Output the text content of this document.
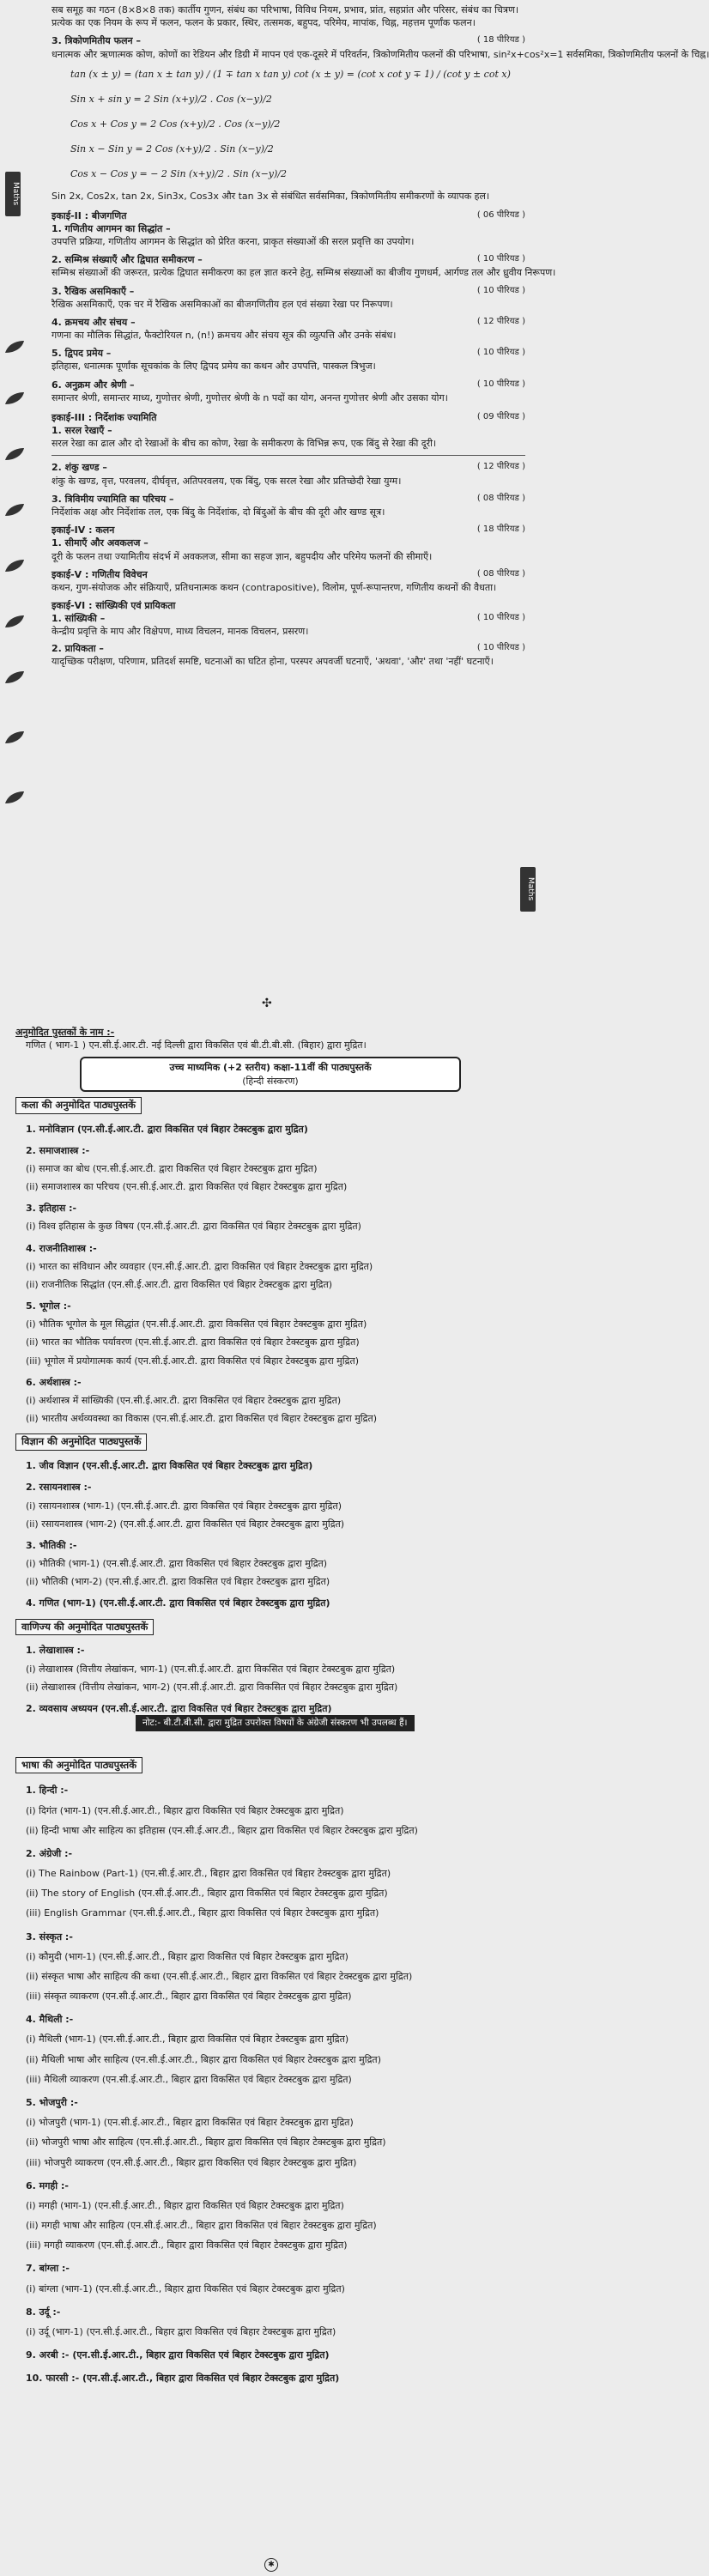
सब समूह का गठन (8×8×8 तक) कार्तीय गुणन, संबंध का परिभाषा, विविध नियम, प्रभाव, प्रांत, सहप्रांत और परिसर, संबंध का चित्रण।
प्रत्येक का एक नियम के रूप में फलन, फलन के प्रकार, स्थिर, तत्समक, बहुपद, परिमेय, मापांक, चिह्न, महत्तम पूर्णांक फलन।
3. त्रिकोणमितीय फलन –	( 18 पीरियड )
धनात्मक और ऋणात्मक कोण, कोणों का रेडियन और डिग्री में मापन एवं एक-दूसरे में परिवर्तन, त्रिकोणमितीय फलनों की परिभाषा, sin²x+cos²x=1 सर्वसमिका, त्रिकोणमितीय फलनों के चिह्न।
tan (x ± y) = (tan x ± tan y) / (1 ∓ tan x tan y) cot (x ± y) = (cot x cot y ∓ 1) / (cot y ± cot x)
Sin x + sin y = 2 Sin (x+y)/2 . Cos (x−y)/2
Cos x + Cos y = 2 Cos (x+y)/2 . Cos (x−y)/2
Sin x − Sin y = 2 Cos (x+y)/2 . Sin (x−y)/2
Cos x − Cos y = − 2 Sin (x+y)/2 . Sin (x−y)/2
Sin 2x, Cos2x, tan 2x, Sin3x, Cos3x और tan 3x से संबंधित सर्वसमिका, त्रिकोणमितीय समीकरणों के व्यापक हल।
इकाई-II : बीजगणित	( 06 पीरियड )
1. गणितीय आगमन का सिद्धांत –
उपपत्ति प्रक्रिया, गणितीय आगमन के सिद्धांत को प्रेरित करना, प्राकृत संख्याओं की सरल प्रवृत्ति का उपयोग।
2. सम्मिश्र संख्याएँ और द्विघात समीकरण –	( 10 पीरियड )
सम्मिश्र संख्याओं की जरूरत, प्रत्येक द्विघात समीकरण का हल ज्ञात करने हेतु, सम्मिश्र संख्याओं का बीजीय गुणधर्म, आर्गण्ड तल और ध्रुवीय निरूपण।
3. रैखिक असमिकाएँ –	( 10 पीरियड )
रैखिक असमिकाएँ, एक चर में रैखिक असमिकाओं का बीजगणितीय हल एवं संख्या रेखा पर निरूपण।
4. क्रमचय और संचय –	( 12 पीरियड )
गणना का मौलिक सिद्धांत, फैक्टोरियल n, (n!) क्रमचय और संचय सूत्र की व्युत्पत्ति और उनके संबंध।
5. द्विपद प्रमेय –	( 10 पीरियड )
इतिहास, धनात्मक पूर्णांक सूचकांक के लिए द्विपद प्रमेय का कथन और उपपत्ति, पास्कल त्रिभुज।
6. अनुक्रम और श्रेणी –	( 10 पीरियड )
समान्तर श्रेणी, समान्तर माध्य, गुणोत्तर श्रेणी, गुणोत्तर श्रेणी के n पदों का योग, अनन्त गुणोत्तर श्रेणी और उसका योग।
इकाई-III : निर्देशांक ज्यामिति	( 09 पीरियड )
1. सरल रेखाएँ –
सरल रेखा का ढाल और दो रेखाओं के बीच का कोण, रेखा के समीकरण के विभिन्न रूप, एक बिंदु से रेखा की दूरी।
2. शंकु खण्ड –	( 12 पीरियड )
शंकु के खण्ड, वृत्त, परवलय, दीर्घवृत्त, अतिपरवलय, एक बिंदु, एक सरल रेखा और प्रतिच्छेदी रेखा युग्म।
3. त्रिविमीय ज्यामिति का परिचय –	( 08 पीरियड )
निर्देशांक अक्ष और निर्देशांक तल, एक बिंदु के निर्देशांक, दो बिंदुओं के बीच की दूरी और खण्ड सूत्र।
इकाई-IV : कलन	( 18 पीरियड )
1. सीमाएँ और अवकलज –
दूरी के फलन तथा ज्यामितीय संदर्भ में अवकलज, सीमा का सहज ज्ञान, बहुपदीय और परिमेय फलनों की सीमाएँ।
इकाई-V : गणितीय विवेचन	( 08 पीरियड )
कथन, गुण-संयोजक और संक्रियाएँ, प्रतिधनात्मक कथन (contrapositive), विलोम, पूर्ण-रूपान्तरण, गणितीय कथनों की वैधता।
इकाई-VI : सांख्यिकी एवं प्रायिकता
1. सांख्यिकी –	( 10 पीरियड )
केन्द्रीय प्रवृत्ति के माप और विक्षेपण, माध्य विचलन, मानक विचलन, प्रसरण।
2. प्रायिकता –	( 10 पीरियड )
यादृच्छिक परीक्षण, परिणाम, प्रतिदर्श समष्टि, घटनाओं का घटित होना, परस्पर अपवर्जी घटनाएँ, 'अथवा', 'और' तथा 'नहीं' घटनाएँ।
Maths
Maths
✣
अनुमोदित पुस्तकों के नाम :-
गणित ( भाग-1 ) एन.सी.ई.आर.टी. नई दिल्ली द्वारा विकसित एवं बी.टी.बी.सी. (बिहार) द्वारा मुद्रित।
उच्च माध्यमिक (+2 स्तरीय) कक्षा-11वीं की पाठ्यपुस्तकें
(हिन्दी संस्करण)
कला की अनुमोदित पाठ्यपुस्तकें
1. मनोविज्ञान (एन.सी.ई.आर.टी. द्वारा विकसित एवं बिहार टेक्स्टबुक द्वारा मुद्रित)
2. समाजशास्त्र :-
(i) समाज का बोध (एन.सी.ई.आर.टी. द्वारा विकसित एवं बिहार टेक्स्टबुक द्वारा मुद्रित)
(ii) समाजशास्त्र का परिचय (एन.सी.ई.आर.टी. द्वारा विकसित एवं बिहार टेक्स्टबुक द्वारा मुद्रित)
3. इतिहास :-
(i) विश्व इतिहास के कुछ विषय (एन.सी.ई.आर.टी. द्वारा विकसित एवं बिहार टेक्स्टबुक द्वारा मुद्रित)
4. राजनीतिशास्त्र :-
(i) भारत का संविधान और व्यवहार (एन.सी.ई.आर.टी. द्वारा विकसित एवं बिहार टेक्स्टबुक द्वारा मुद्रित)
(ii) राजनीतिक सिद्धांत (एन.सी.ई.आर.टी. द्वारा विकसित एवं बिहार टेक्स्टबुक द्वारा मुद्रित)
5. भूगोल :-
(i) भौतिक भूगोल के मूल सिद्धांत (एन.सी.ई.आर.टी. द्वारा विकसित एवं बिहार टेक्स्टबुक द्वारा मुद्रित)
(ii) भारत का भौतिक पर्यावरण (एन.सी.ई.आर.टी. द्वारा विकसित एवं बिहार टेक्स्टबुक द्वारा मुद्रित)
(iii) भूगोल में प्रयोगात्मक कार्य (एन.सी.ई.आर.टी. द्वारा विकसित एवं बिहार टेक्स्टबुक द्वारा मुद्रित)
6. अर्थशास्त्र :-
(i) अर्थशास्त्र में सांख्यिकी (एन.सी.ई.आर.टी. द्वारा विकसित एवं बिहार टेक्स्टबुक द्वारा मुद्रित)
(ii) भारतीय अर्थव्यवस्था का विकास (एन.सी.ई.आर.टी. द्वारा विकसित एवं बिहार टेक्स्टबुक द्वारा मुद्रित)
विज्ञान की अनुमोदित पाठ्यपुस्तकें
1. जीव विज्ञान (एन.सी.ई.आर.टी. द्वारा विकसित एवं बिहार टेक्स्टबुक द्वारा मुद्रित)
2. रसायनशास्त्र :-
(i) रसायनशास्त्र (भाग-1) (एन.सी.ई.आर.टी. द्वारा विकसित एवं बिहार टेक्स्टबुक द्वारा मुद्रित)
(ii) रसायनशास्त्र (भाग-2) (एन.सी.ई.आर.टी. द्वारा विकसित एवं बिहार टेक्स्टबुक द्वारा मुद्रित)
3. भौतिकी :-
(i) भौतिकी (भाग-1) (एन.सी.ई.आर.टी. द्वारा विकसित एवं बिहार टेक्स्टबुक द्वारा मुद्रित)
(ii) भौतिकी (भाग-2) (एन.सी.ई.आर.टी. द्वारा विकसित एवं बिहार टेक्स्टबुक द्वारा मुद्रित)
4. गणित (भाग-1) (एन.सी.ई.आर.टी. द्वारा विकसित एवं बिहार टेक्स्टबुक द्वारा मुद्रित)
वाणिज्य की अनुमोदित पाठ्यपुस्तकें
1. लेखाशास्त्र :-
(i) लेखाशास्त्र (वित्तीय लेखांकन, भाग-1) (एन.सी.ई.आर.टी. द्वारा विकसित एवं बिहार टेक्स्टबुक द्वारा मुद्रित)
(ii) लेखाशास्त्र (वित्तीय लेखांकन, भाग-2) (एन.सी.ई.आर.टी. द्वारा विकसित एवं बिहार टेक्स्टबुक द्वारा मुद्रित)
2. व्यवसाय अध्ययन (एन.सी.ई.आर.टी. द्वारा विकसित एवं बिहार टेक्स्टबुक द्वारा मुद्रित)
नोट:- बी.टी.बी.सी. द्वारा मुद्रित उपरोक्त विषयों के अंग्रेजी संस्करण भी उपलब्ध हैं। भाषा की अनुमोदित पाठ्यपुस्तकें
1. हिन्दी :-
(i) दिगंत (भाग-1) (एन.सी.ई.आर.टी., बिहार द्वारा विकसित एवं बिहार टेक्स्टबुक द्वारा मुद्रित)
(ii) हिन्दी भाषा और साहित्य का इतिहास (एन.सी.ई.आर.टी., बिहार द्वारा विकसित एवं बिहार टेक्स्टबुक द्वारा मुद्रित)
2. अंग्रेजी :-
(i) The Rainbow (Part-1) (एन.सी.ई.आर.टी., बिहार द्वारा विकसित एवं बिहार टेक्स्टबुक द्वारा मुद्रित)
(ii) The story of English (एन.सी.ई.आर.टी., बिहार द्वारा विकसित एवं बिहार टेक्स्टबुक द्वारा मुद्रित)
(iii) English Grammar (एन.सी.ई.आर.टी., बिहार द्वारा विकसित एवं बिहार टेक्स्टबुक द्वारा मुद्रित)
3. संस्कृत :-
(i) कौमुदी (भाग-1) (एन.सी.ई.आर.टी., बिहार द्वारा विकसित एवं बिहार टेक्स्टबुक द्वारा मुद्रित)
(ii) संस्कृत भाषा और साहित्य की कथा (एन.सी.ई.आर.टी., बिहार द्वारा विकसित एवं बिहार टेक्स्टबुक द्वारा मुद्रित)
(iii) संस्कृत व्याकरण (एन.सी.ई.आर.टी., बिहार द्वारा विकसित एवं बिहार टेक्स्टबुक द्वारा मुद्रित)
4. मैथिली :-
(i) मैथिली (भाग-1) (एन.सी.ई.आर.टी., बिहार द्वारा विकसित एवं बिहार टेक्स्टबुक द्वारा मुद्रित)
(ii) मैथिली भाषा और साहित्य (एन.सी.ई.आर.टी., बिहार द्वारा विकसित एवं बिहार टेक्स्टबुक द्वारा मुद्रित)
(iii) मैथिली व्याकरण (एन.सी.ई.आर.टी., बिहार द्वारा विकसित एवं बिहार टेक्स्टबुक द्वारा मुद्रित)
5. भोजपुरी :-
(i) भोजपुरी (भाग-1) (एन.सी.ई.आर.टी., बिहार द्वारा विकसित एवं बिहार टेक्स्टबुक द्वारा मुद्रित)
(ii) भोजपुरी भाषा और साहित्य (एन.सी.ई.आर.टी., बिहार द्वारा विकसित एवं बिहार टेक्स्टबुक द्वारा मुद्रित)
(iii) भोजपुरी व्याकरण (एन.सी.ई.आर.टी., बिहार द्वारा विकसित एवं बिहार टेक्स्टबुक द्वारा मुद्रित)
6. मगही :-
(i) मगही (भाग-1) (एन.सी.ई.आर.टी., बिहार द्वारा विकसित एवं बिहार टेक्स्टबुक द्वारा मुद्रित)
(ii) मगही भाषा और साहित्य (एन.सी.ई.आर.टी., बिहार द्वारा विकसित एवं बिहार टेक्स्टबुक द्वारा मुद्रित)
(iii) मगही व्याकरण (एन.सी.ई.आर.टी., बिहार द्वारा विकसित एवं बिहार टेक्स्टबुक द्वारा मुद्रित)
7. बांग्ला :-
(i) बांग्ला (भाग-1) (एन.सी.ई.आर.टी., बिहार द्वारा विकसित एवं बिहार टेक्स्टबुक द्वारा मुद्रित)
8. उर्दू :-
(i) उर्दू (भाग-1) (एन.सी.ई.आर.टी., बिहार द्वारा विकसित एवं बिहार टेक्स्टबुक द्वारा मुद्रित)
9. अरबी :- (एन.सी.ई.आर.टी., बिहार द्वारा विकसित एवं बिहार टेक्स्टबुक द्वारा मुद्रित)
10. फारसी :- (एन.सी.ई.आर.टी., बिहार द्वारा विकसित एवं बिहार टेक्स्टबुक द्वारा मुद्रित)
✱
